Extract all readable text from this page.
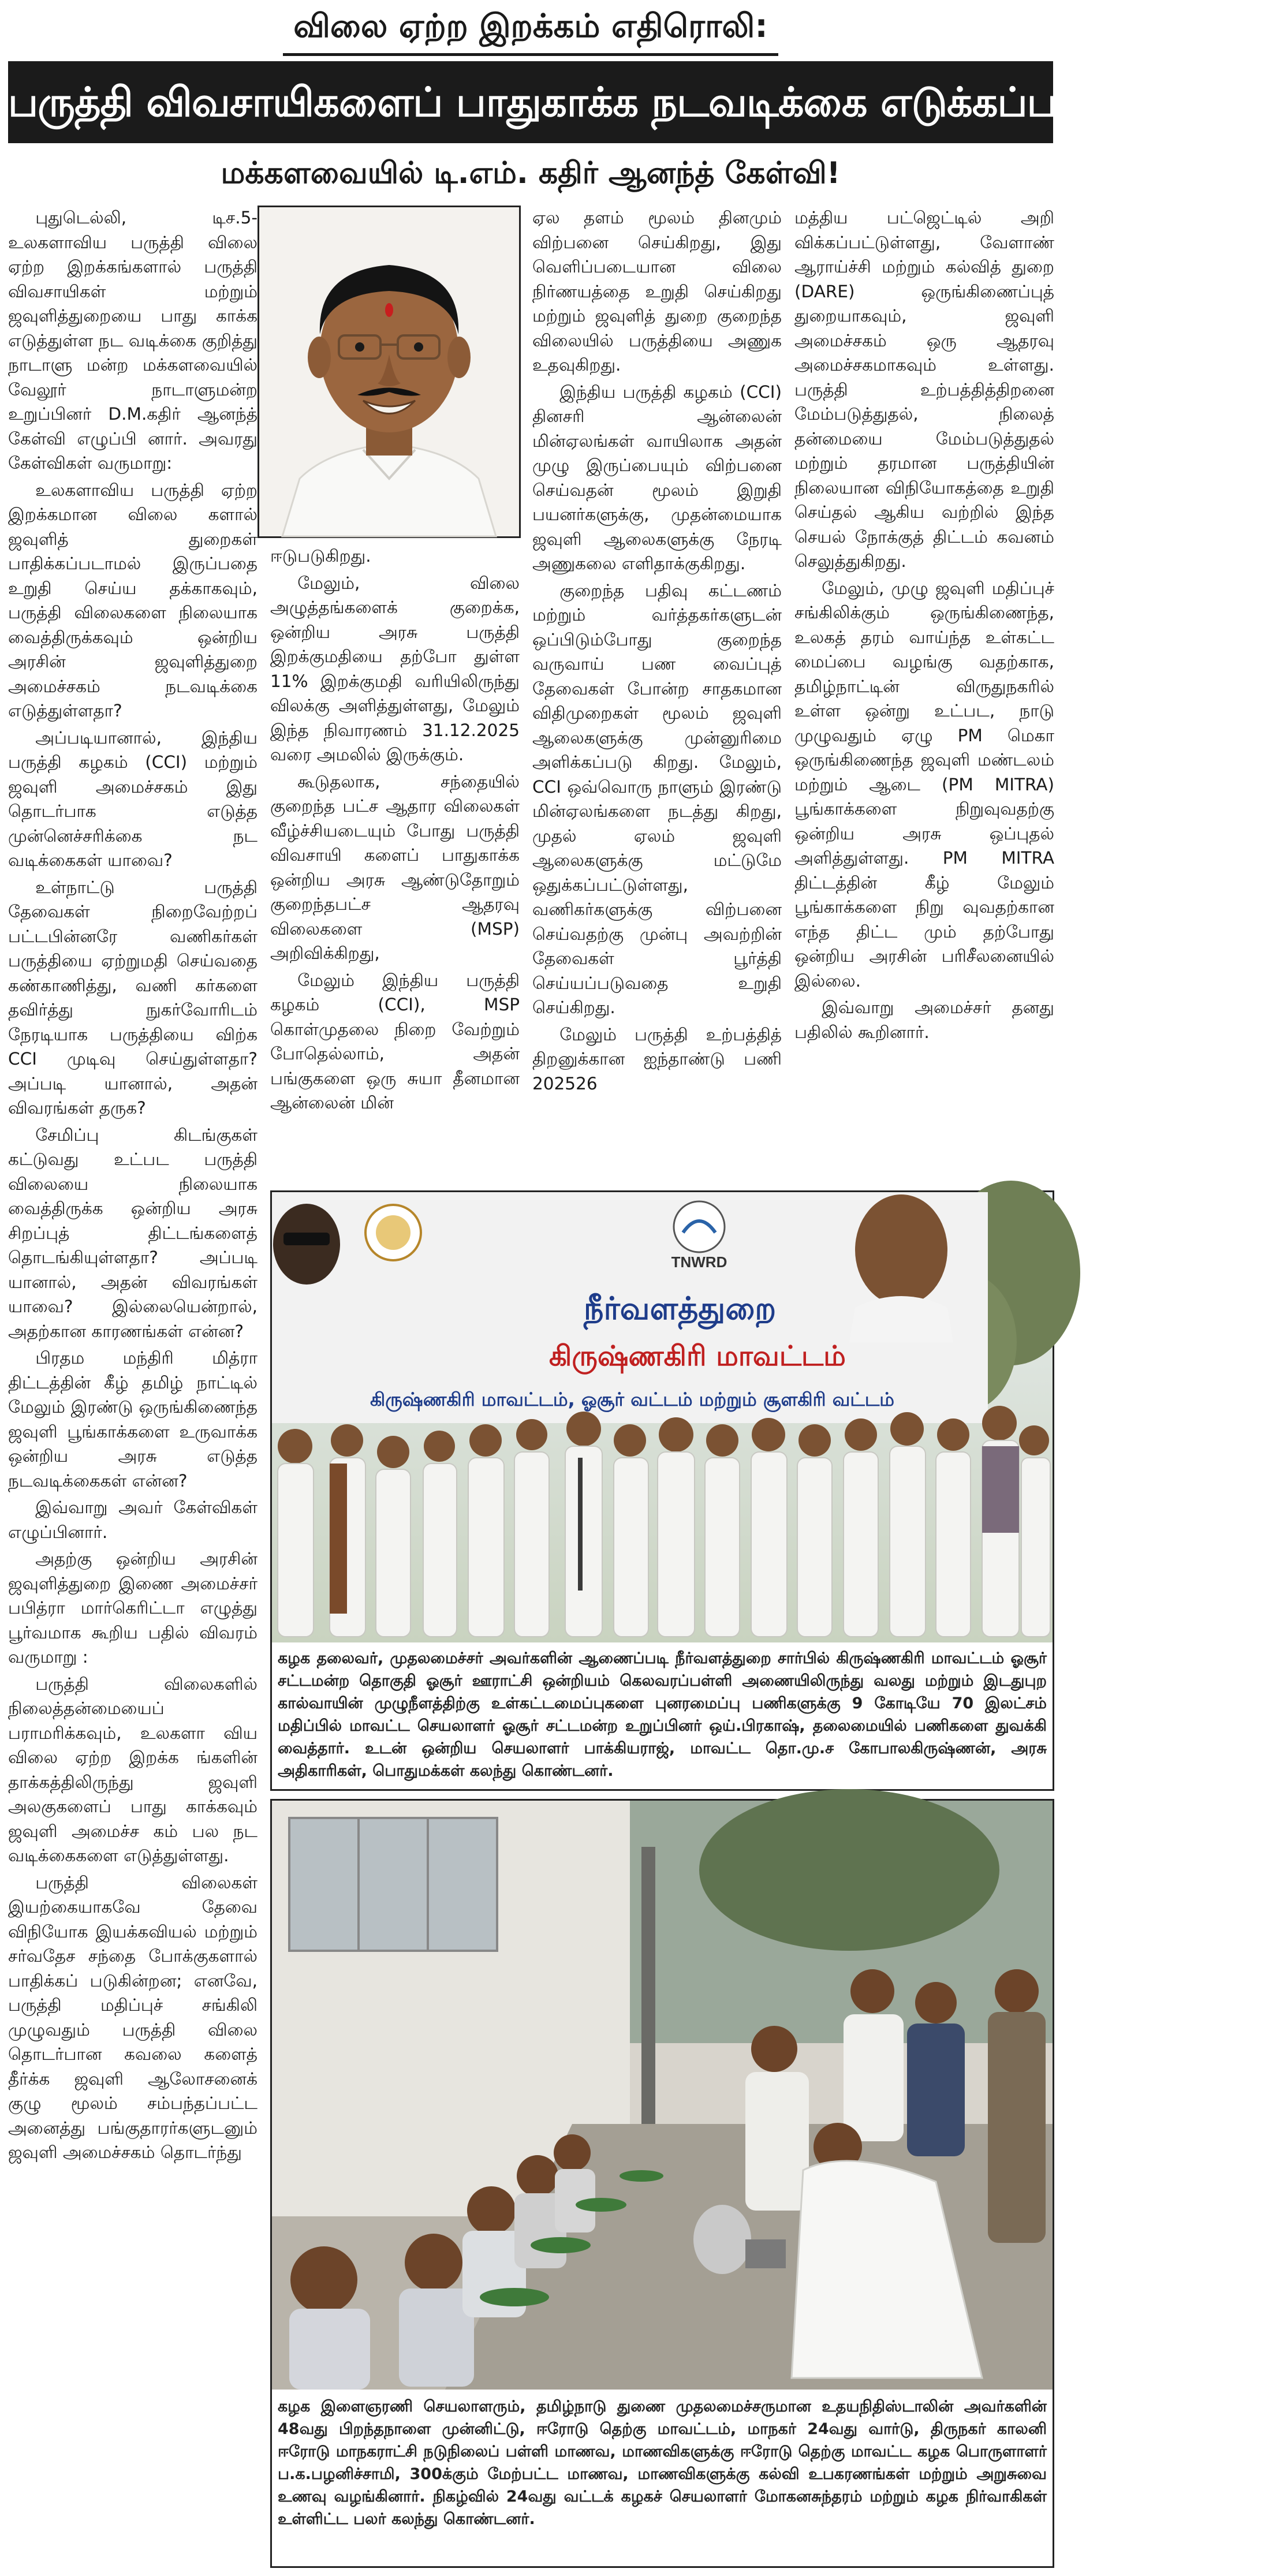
விலை ஏற்ற இறக்கம் எதிரொலி:
பருத்தி விவசாயிகளைப் பாதுகாக்க நடவடிக்கை எடுக்கப்பட்டுள்ளதா?
மக்களவையில் டி.எம். கதிர் ஆனந்த் கேள்வி!

புதுடெல்லி, டிச.5- உலகளாவிய பருத்தி விலை ஏற்ற இறக்கங்களால் பருத்தி விவசாயிகள் மற்றும் ஜவுளித்துறையை பாது காக்க எடுத்துள்ள நட வடிக்கை குறித்து நாடாளு மன்ற மக்களவையில் வேலூர் நாடாளுமன்ற உறுப்பினர் D.M.கதிர் ஆனந்த் கேள்வி எழுப்பி னார். அவரது கேள்விகள் வருமாறு:

உலகளாவிய பருத்தி ஏற்ற இறக்கமான விலை களால் ஜவுளித் துறைகள் பாதிக்கப்படாமல் இருப்பதை உறுதி செய்ய தக்காகவும், பருத்தி விலைகளை நிலையாக வைத்திருக்கவும் ஒன்றிய அரசின் ஜவுளித்துறை அமைச்சகம் நடவடிக்கை எடுத்துள்ளதா?

அப்படியானால், இந்திய பருத்தி கழகம் (CCI) மற்றும் ஜவுளி அமைச்சகம் இது தொடர்பாக எடுத்த முன்னெச்சரிக்கை நட வடிக்கைகள் யாவை?

உள்நாட்டு பருத்தி தேவைகள் நிறைவேற்றப் பட்டபின்னரே வணிகர்கள் பருத்தியை ஏற்றுமதி செய்வதை கண்காணித்து, வணி கர்களை தவிர்த்து நுகர்வோரிடம் நேரடியாக பருத்தியை விற்க CCI முடிவு செய்துள்ளதா? அப்படி யானால், அதன் விவரங்கள் தருக?

சேமிப்பு கிடங்குகள் கட்டுவது உட்பட பருத்தி விலையை நிலையாக வைத்திருக்க ஒன்றிய அரசு சிறப்புத் திட்டங்களைத் தொடங்கியுள்ளதா? அப்படி யானால், அதன் விவரங்கள் யாவை? இல்லையென்றால், அதற்கான காரணங்கள் என்ன?

பிரதம மந்திரி மித்ரா திட்டத்தின் கீழ் தமிழ் நாட்டில் மேலும் இரண்டு ஒருங்கிணைந்த ஜவுளி பூங்காக்களை உருவாக்க ஒன்றிய அரசு எடுத்த நடவடிக்கைகள் என்ன?

இவ்வாறு அவர் கேள்விகள் எழுப்பினார்.

அதற்கு ஒன்றிய அரசின் ஜவுளித்துறை இணை அமைச்சர் பபித்ரா மார்கெரிட்டா எழுத்து பூர்வமாக கூறிய பதில் விவரம் வருமாறு :

பருத்தி விலைகளில் நிலைத்தன்மையைப் பராமரிக்கவும், உலகளா விய விலை ஏற்ற இறக்க ங்களின் தாக்கத்திலிருந்து ஜவுளி அலகுகளைப் பாது காக்கவும் ஜவுளி அமைச்ச கம் பல நட வடிக்கைகளை எடுத்துள்ளது.

பருத்தி விலைகள் இயற்கையாகவே தேவை விநியோக இயக்கவியல் மற்றும் சர்வதேச சந்தை போக்குகளால் பாதிக்கப் படுகின்றன; எனவே, பருத்தி மதிப்புச் சங்கிலி முழுவதும் பருத்தி விலை தொடர்பான கவலை களைத் தீர்க்க ஜவுளி ஆலோசனைக் குழு மூலம் சம்பந்தப்பட்ட அனைத்து பங்குதாரர்களுடனும் ஜவுளி அமைச்சகம் தொடர்ந்து

ஈடுபடுகிறது.

மேலும், விலை அழுத்தங்களைக் குறைக்க, ஒன்றிய அரசு பருத்தி இறக்குமதியை தற்போ துள்ள 11% இறக்குமதி வரியிலிருந்து விலக்கு அளித்துள்ளது, மேலும் இந்த நிவாரணம் 31.12.2025 வரை அமலில் இருக்கும்.

கூடுதலாக, சந்தையில் குறைந்த பட்ச ஆதார விலைகள் வீழ்ச்சியடையும் போது பருத்தி விவசாயி களைப் பாதுகாக்க ஒன்றிய அரசு ஆண்டுதோறும் குறைந்தபட்ச ஆதரவு விலைகளை (MSP) அறிவிக்கிறது,

மேலும் இந்திய பருத்தி கழகம் (CCI), MSP கொள்முதலை நிறை வேற்றும் போதெல்லாம், அதன் பங்குகளை ஒரு சுயா தீனமான ஆன்லைன் மின்

ஏல தளம் மூலம் தினமும் விற்பனை செய்கிறது, இது வெளிப்படையான விலை நிர்ணயத்தை உறுதி செய்கிறது மற்றும் ஜவுளித் துறை குறைந்த விலையில் பருத்தியை அணுக உதவுகிறது.

இந்திய பருத்தி கழகம் (CCI) தினசரி ஆன்லைன் மின்ஏலங்கள் வாயிலாக அதன் முழு இருப்பையும் விற்பனை செய்வதன் மூலம் இறுதி பயனர்களுக்கு, முதன்மையாக ஜவுளி ஆலைகளுக்கு நேரடி அணுகலை எளிதாக்குகிறது.

குறைந்த பதிவு கட்டணம் மற்றும் வர்த்தகர்களுடன் ஒப்பிடும்போது குறைந்த வருவாய் பண வைப்புத் தேவைகள் போன்ற சாதகமான விதிமுறைகள் மூலம் ஜவுளி ஆலைகளுக்கு முன்னுரிமை அளிக்கப்படு கிறது. மேலும், CCI ஒவ்வொரு நாளும் இரண்டு மின்ஏலங்களை நடத்து கிறது, முதல் ஏலம் ஜவுளி ஆலைகளுக்கு மட்டுமே ஒதுக்கப்பட்டுள்ளது, வணிகர்களுக்கு விற்பனை செய்வதற்கு முன்பு அவற்றின் தேவைகள் பூர்த்தி செய்யப்படுவதை உறுதி செய்கிறது.

மேலும் பருத்தி உற்பத்தித் திறனுக்கான ஐந்தாண்டு பணி 202526

மத்திய பட்ஜெட்டில் அறி விக்கப்பட்டுள்ளது, வேளாண் ஆராய்ச்சி மற்றும் கல்வித் துறை (DARE) ஒருங்கிணைப்புத் துறையாகவும், ஜவுளி அமைச்சகம் ஒரு ஆதரவு அமைச்சகமாகவும் உள்ளது. பருத்தி உற்பத்தித்திறனை மேம்படுத்துதல், நிலைத் தன்மையை மேம்படுத்துதல் மற்றும் தரமான பருத்தியின் நிலையான விநியோகத்தை உறுதி செய்தல் ஆகிய வற்றில் இந்த செயல் நோக்குத் திட்டம் கவனம் செலுத்துகிறது.

மேலும், முழு ஜவுளி மதிப்புச் சங்கிலிக்கும் ஒருங்கிணைந்த, உலகத் தரம் வாய்ந்த உள்கட்ட மைப்பை வழங்கு வதற்காக, தமிழ்நாட்டின் விருதுநகரில் உள்ள ஒன்று உட்பட, நாடு முழுவதும் ஏழு PM மெகா ஒருங்கிணைந்த ஜவுளி மண்டலம் மற்றும் ஆடை (PM MITRA) பூங்காக்களை நிறுவுவதற்கு ஒன்றிய அரசு ஒப்புதல் அளித்துள்ளது. PM MITRA திட்டத்தின் கீழ் மேலும் பூங்காக்களை நிறு வுவதற்கான எந்த திட்ட மும் தற்போது ஒன்றிய அரசின் பரிசீலனையில் இல்லை.

இவ்வாறு அமைச்சர் தனது பதிலில் கூறினார்.

TNWRD
நீர்வளத்துறை
கிருஷ்ணகிரி மாவட்டம்
கிருஷ்ணகிரி மாவட்டம், ஓசூர் வட்டம் மற்றும் சூளகிரி வட்டம்
கழக தலைவர், முதலமைச்சர் அவர்களின் ஆணைப்படி நீர்வளத்துறை சார்பில் கிருஷ்ணகிரி மாவட்டம் ஓசூர் சட்டமன்ற தொகுதி ஓசூர் ஊராட்சி ஒன்றியம் கெலவரப்பள்ளி அணையிலிருந்து வலது மற்றும் இடதுபுற கால்வாயின் முழுநீளத்திற்கு உள்கட்டமைப்புகளை புனரமைப்பு பணிகளுக்கு 9 கோடியே 70 இலட்சம் மதிப்பில் மாவட்ட செயலாளர் ஓசூர் சட்டமன்ற உறுப்பினர் ஒய்.பிரகாஷ், தலைமையில் பணிகளை துவக்கி வைத்தார். உடன் ஒன்றிய செயலாளர் பாக்கியராஜ், மாவட்ட தொ.மு.ச கோபாலகிருஷ்ணன், அரசு அதிகாரிகள், பொதுமக்கள் கலந்து கொண்டனர்.
கழக இளைஞரணி செயலாளரும், தமிழ்நாடு துணை முதலமைச்சருமான உதயநிதிஸ்டாலின் அவர்களின் 48வது பிறந்தநாளை முன்னிட்டு, ஈரோடு தெற்கு மாவட்டம், மாநகர் 24வது வார்டு, திருநகர் காலனி ஈரோடு மாநகராட்சி நடுநிலைப் பள்ளி மாணவ, மாணவிகளுக்கு ஈரோடு தெற்கு மாவட்ட கழக பொருளாளர் ப.க.பழனிச்சாமி, 300க்கும் மேற்பட்ட மாணவ, மாணவிகளுக்கு கல்வி உபகரணங்கள் மற்றும் அறுசுவை உணவு வழங்கினார். நிகழ்வில் 24வது வட்டக் கழகச் செயலாளர் மோகனசுந்தரம் மற்றும் கழக நிர்வாகிகள் உள்ளிட்ட பலர் கலந்து கொண்டனர்.
